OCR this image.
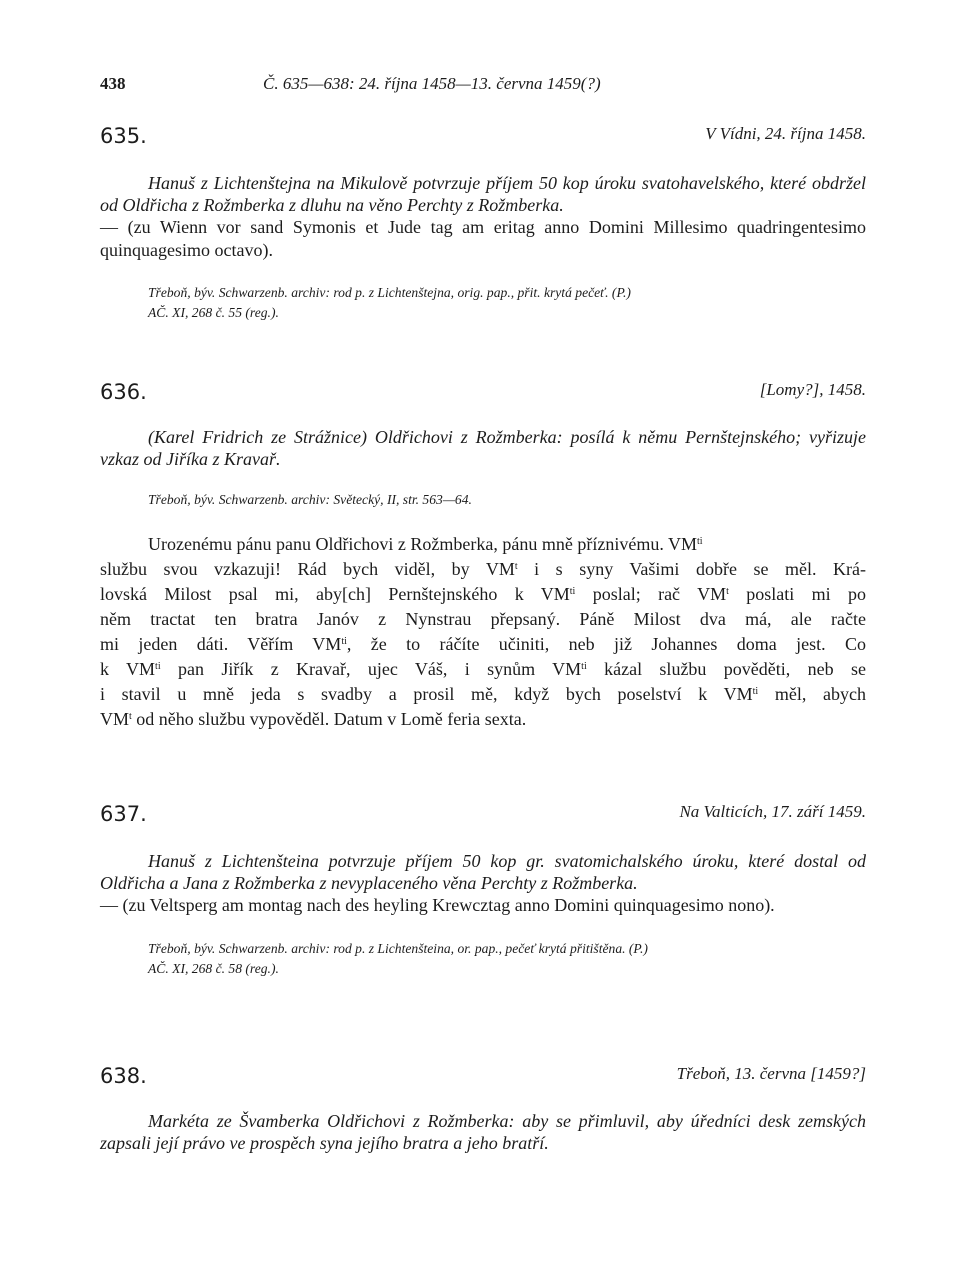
438	Č. 635—638: 24. října 1458—13. června 1459(?)
635.	V Vídni, 24. října 1458.

Hanuš z Lichtenštejna na Mikulově potvrzuje příjem 50 kop úroku svatohavelského, které obdržel od Oldřicha z Rožmberka z dluhu na věno Perchty z Rožmberka.

— (zu Wienn vor sand Symonis et Jude tag am eritag anno Domini Millesimo quadringentesimo quinquagesimo octavo).

Třeboň, býv. Schwarzenb. archiv: rod p. z Lichtenštejna, orig. pap., přit. krytá pečeť. (P.)

AČ. XI, 268 č. 55 (reg.).

636.	[Lomy?], 1458.

(Karel Fridrich ze Strážnice) Oldřichovi z Rožmberka: posílá k němu Pernštejnského; vyřizuje vzkaz od Jiříka z Kravař.

Třeboň, býv. Schwarzenb. archiv: Světecký, II, str. 563—64.

Urozenému pánu panu Oldřichovi z Rožmberka, pánu mně příznivému. $VM^{ti}$
službu svou vzkazuji! Rád bych viděl, by $VM^t$ i s syny Vašimi dobře se měl. Krá-
lovská Milost psal mi, aby[ch] Pernštejnského k $VM^{ti}$ poslal; rač $VM^t$ poslati mi po
něm tractat ten bratra Janóv z Nynstrau přepsaný. Páně Milost dva má, ale račte
mi jeden dáti. Věřím $VM^{ti}$, že to ráčíte učiniti, neb již Johannes doma jest. Co
k $VM^{ti}$ pan Jiřík z Kravař, ujec Váš, i synům $VM^{ti}$ kázal službu pověděti, neb se
i stavil u mně jeda s svadby a prosil mě, když bych poselství k $VM^{ti}$ měl, abych
$VM^t$ od něho službu vypověděl. Datum v Lomě feria sexta.
637.	Na Valticích, 17. září 1459.

Hanuš z Lichtenšteina potvrzuje příjem 50 kop gr. svatomichalského úroku, které dostal od Oldřicha a Jana z Rožmberka z nevyplaceného věna Perchty z Rožmberka.

— (zu Veltsperg am montag nach des heyling Krewcztag anno Domini quinquagesimo nono).

Třeboň, býv. Schwarzenb. archiv: rod p. z Lichtenšteina, or. pap., pečeť krytá přitištěna. (P.)

AČ. XI, 268 č. 58 (reg.).

638.	Třeboň, 13. června [1459?]

Markéta ze Švamberka Oldřichovi z Rožmberka: aby se přimluvil, aby úředníci desk zemských zapsali její právo ve prospěch syna jejího bratra a jeho bratří.
